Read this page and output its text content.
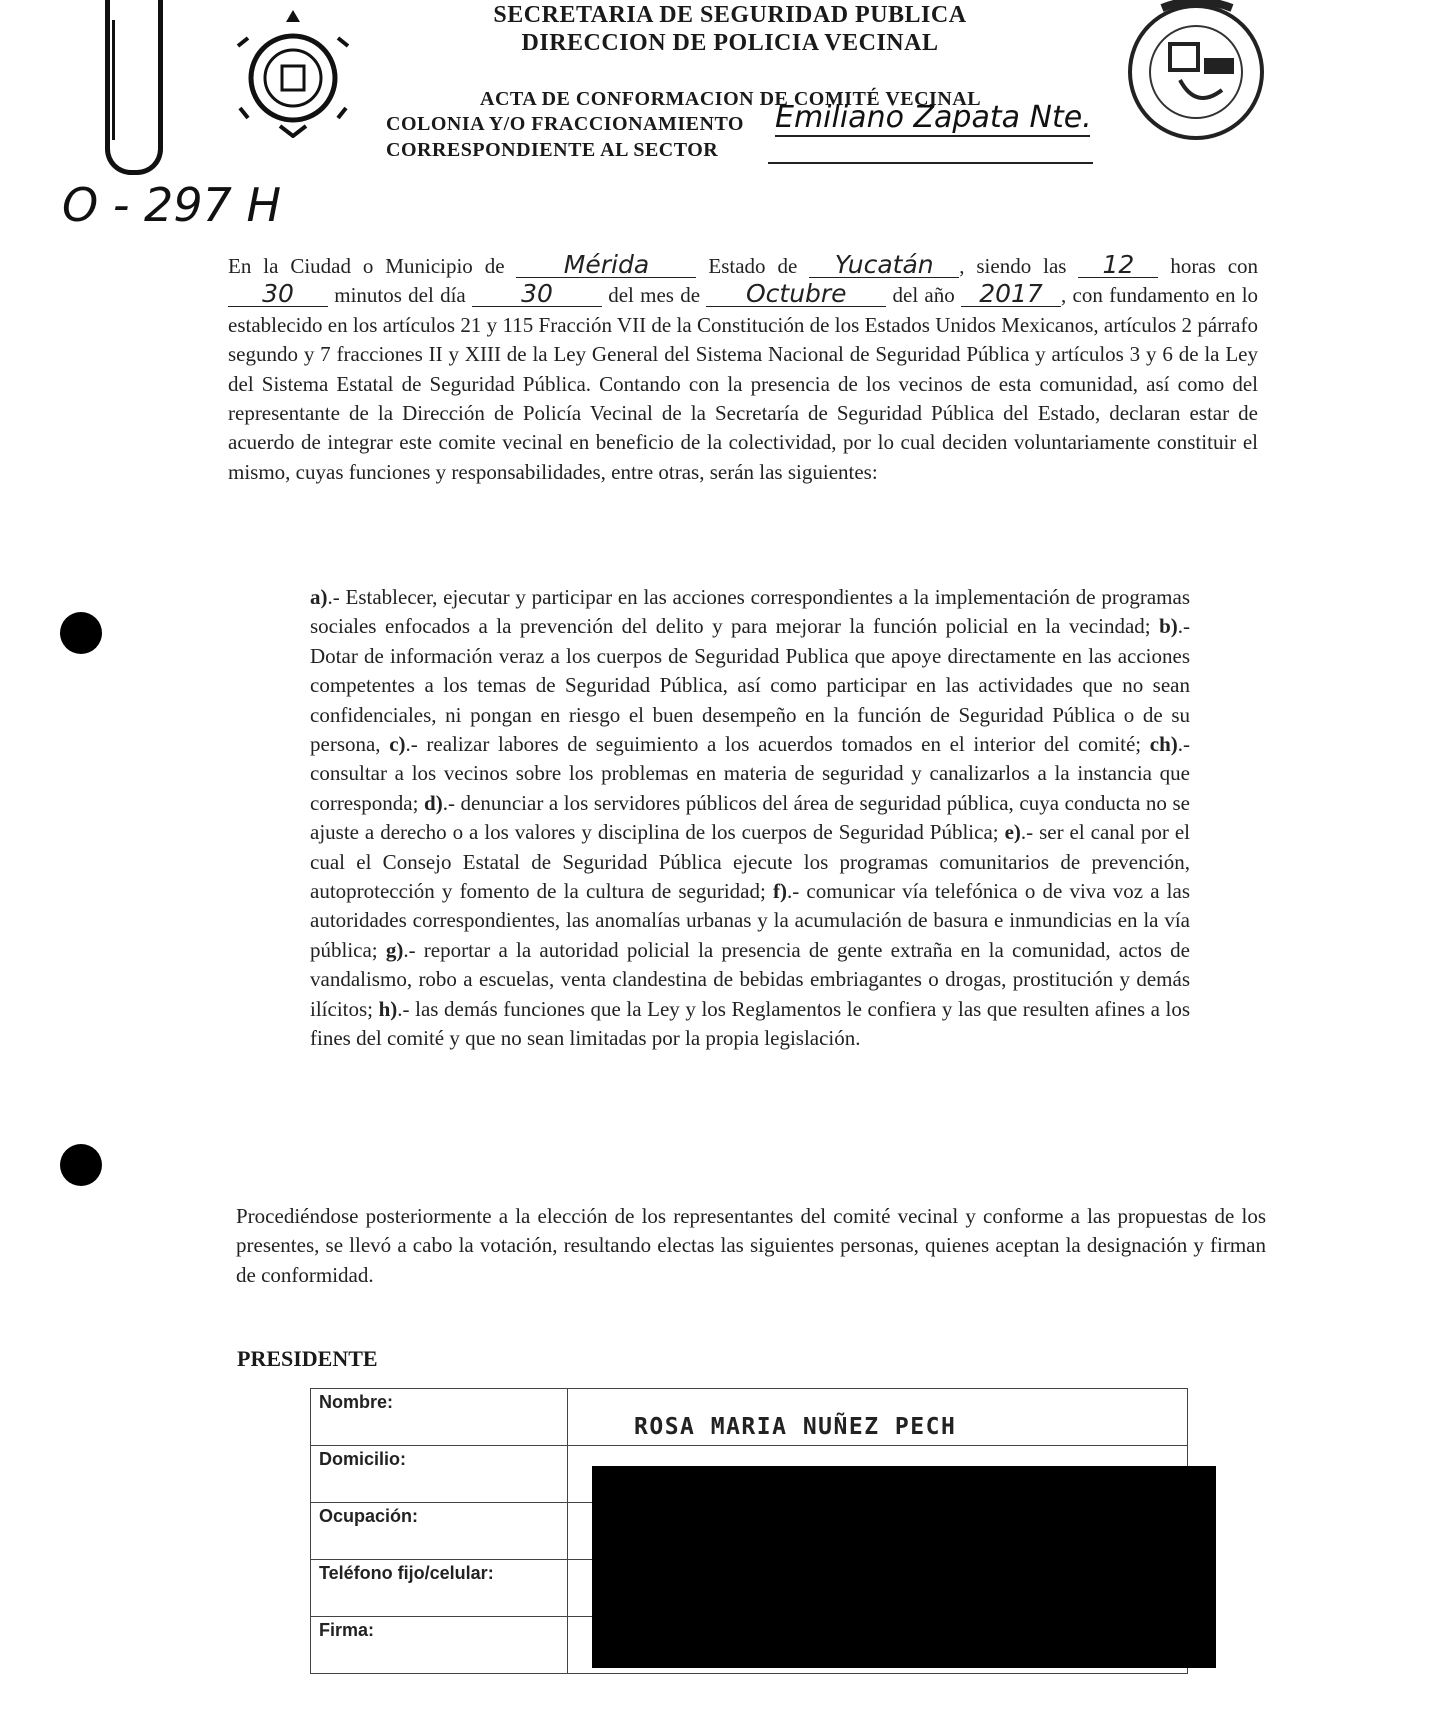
SECRETARIA DE SEGURIDAD PUBLICA
DIRECCION DE POLICIA VECINAL
ACTA DE CONFORMACION DE COMITÉ VECINAL
COLONIA Y/O FRACCIONAMIENTO Emiliano Zapata Nte.
CORRESPONDIENTE AL SECTOR
O - 297 H
En la Ciudad o Municipio de Mérida	Estado de Yucatán , siendo las 12 horas con 30 minutos del día 30	del mes de Octubre del año 2017 , con fundamento en lo establecido en los artículos 21 y 115 Fracción VII de la Constitución de los Estados Unidos Mexicanos, artículos 2 párrafo segundo y 7 fracciones II y XIII de la Ley General del Sistema Nacional de Seguridad Pública y artículos 3 y 6 de la Ley del Sistema Estatal de Seguridad Pública. Contando con la presencia de los vecinos de esta comunidad, así como del representante de la Dirección de Policía Vecinal de la Secretaría de Seguridad Pública del Estado, declaran estar de acuerdo de integrar este comite vecinal en beneficio de la colectividad, por lo cual deciden voluntariamente constituir el mismo, cuyas funciones y responsabilidades, entre otras, serán las siguientes:
a).- Establecer, ejecutar y participar en las acciones correspondientes a la implementación de programas sociales enfocados a la prevención del delito y para mejorar la función policial en la vecindad; b).- Dotar de información veraz a los cuerpos de Seguridad Publica que apoye directamente en las acciones competentes a los temas de Seguridad Pública, así como participar en las actividades que no sean confidenciales, ni pongan en riesgo el buen desempeño en la función de Seguridad Pública o de su persona, c).- realizar labores de seguimiento a los acuerdos tomados en el interior del comité; ch).- consultar a los vecinos sobre los problemas en materia de seguridad y canalizarlos a la instancia que corresponda; d).- denunciar a los servidores públicos del área de seguridad pública, cuya conducta no se ajuste a derecho o a los valores y disciplina de los cuerpos de Seguridad Pública; e).- ser el canal por el cual el Consejo Estatal de Seguridad Pública ejecute los programas comunitarios de prevención, autoprotección y fomento de la cultura de seguridad; f).- comunicar vía telefónica o de viva voz a las autoridades correspondientes, las anomalías urbanas y la acumulación de basura e inmundicias en la vía pública; g).- reportar a la autoridad policial la presencia de gente extraña en la comunidad, actos de vandalismo, robo a escuelas, venta clandestina de bebidas embriagantes o drogas, prostitución y demás ilícitos; h).- las demás funciones que la Ley y los Reglamentos le confiera y las que resulten afines a los fines del comité y que no sean limitadas por la propia legislación.
Procediéndose posteriormente a la elección de los representantes del comité vecinal y conforme a las propuestas de los presentes, se llevó a cabo la votación, resultando electas las siguientes personas, quienes aceptan la designación y firman de conformidad.
PRESIDENTE
Nombre:	ROSA MARIA NUÑEZ PECH

Domicilio:	
Ocupación:	
Teléfono fijo/celular:	
Firma:	
